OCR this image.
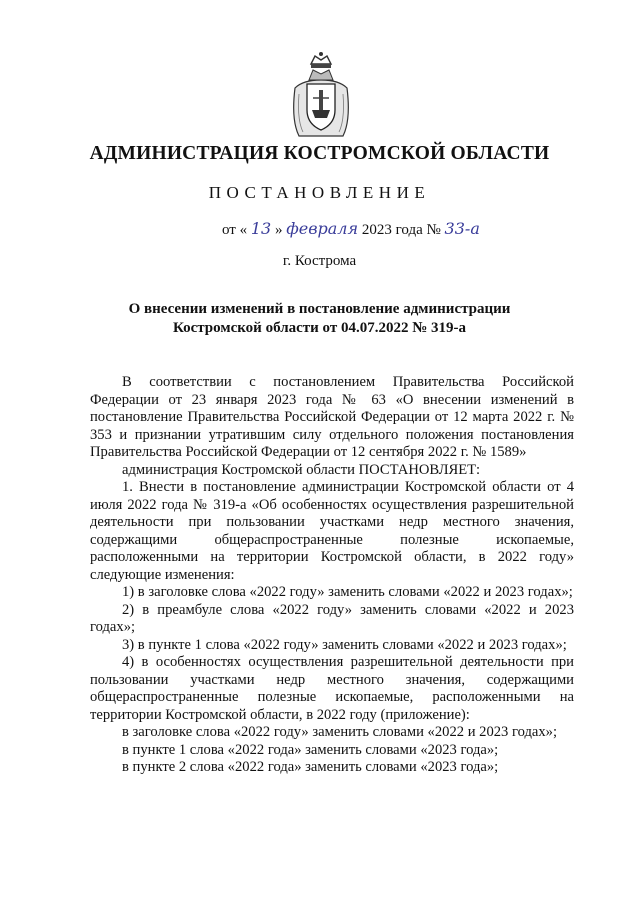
АДМИНИСТРАЦИЯ КОСТРОМСКОЙ ОБЛАСТИ
ПОСТАНОВЛЕНИЕ
от « 13 » февраля 2023 года № 33-а
г. Кострома
О внесении изменений в постановление администрации
Костромской области от 04.07.2022 № 319-а

В соответствии с постановлением Правительства Российской Федерации от 23 января 2023 года № 63 «О внесении изменений в постановление Правительства Российской Федерации от 12 марта 2022 г. № 353 и признании утратившим силу отдельного положения постановления Правительства Российской Федерации от 12 сентября 2022 г. № 1589»

администрация Костромской области ПОСТАНОВЛЯЕТ:

1. Внести в постановление администрации Костромской области от 4 июля 2022 года № 319-а «Об особенностях осуществления разрешительной деятельности при пользовании участками недр местного значения, содержащими общераспространенные полезные ископаемые, расположенными на территории Костромской области, в 2022 году» следующие изменения:

1) в заголовке слова «2022 году» заменить словами «2022 и 2023 годах»;

2) в преамбуле слова «2022 году» заменить словами «2022 и 2023 годах»;

3) в пункте 1 слова «2022 году» заменить словами «2022 и 2023 годах»;

4) в особенностях осуществления разрешительной деятельности при пользовании участками недр местного значения, содержащими общераспространенные полезные ископаемые, расположенными на территории Костромской области, в 2022 году (приложение):

в заголовке слова «2022 году» заменить словами «2022 и 2023 годах»;

в пункте 1 слова «2022 года» заменить словами «2023 года»;

в пункте 2 слова «2022 года» заменить словами «2023 года»;
